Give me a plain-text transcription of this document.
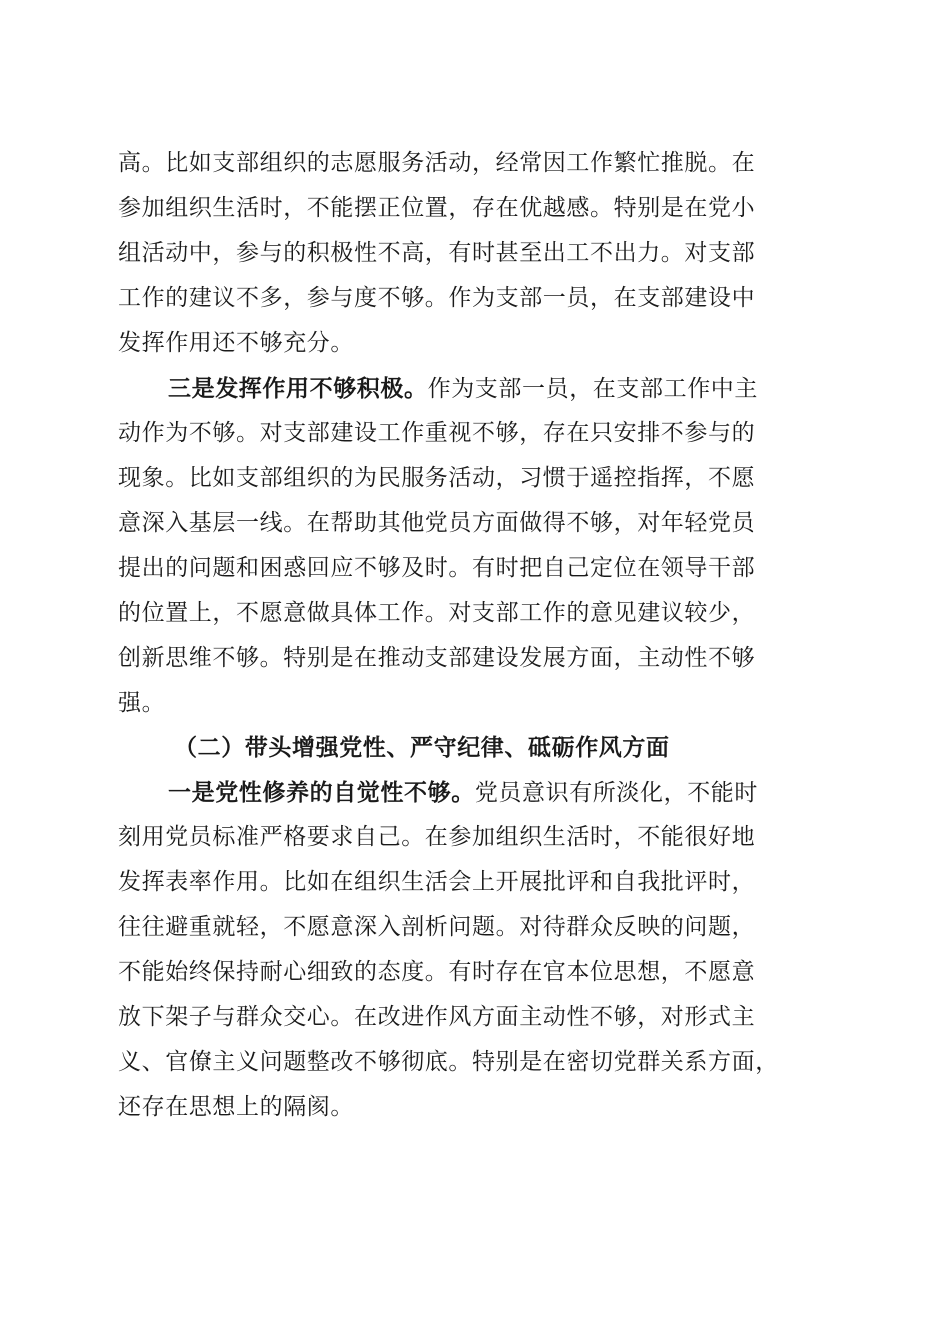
高。比如支部组织的志愿服务活动，经常因工作繁忙推脱。在
参加组织生活时，不能摆正位置，存在优越感。特别是在党小
组活动中，参与的积极性不高，有时甚至出工不出力。对支部
工作的建议不多，参与度不够。作为支部一员，在支部建设中
发挥作用还不够充分。
三是发挥作用不够积极。作为支部一员，在支部工作中主
动作为不够。对支部建设工作重视不够，存在只安排不参与的
现象。比如支部组织的为民服务活动，习惯于遥控指挥，不愿
意深入基层一线。在帮助其他党员方面做得不够，对年轻党员
提出的问题和困惑回应不够及时。有时把自己定位在领导干部
的位置上，不愿意做具体工作。对支部工作的意见建议较少，
创新思维不够。特别是在推动支部建设发展方面，主动性不够
强。
（二）带头增强党性、严守纪律、砥砺作风方面
一是党性修养的自觉性不够。党员意识有所淡化，不能时
刻用党员标准严格要求自己。在参加组织生活时，不能很好地
发挥表率作用。比如在组织生活会上开展批评和自我批评时，
往往避重就轻，不愿意深入剖析问题。对待群众反映的问题，
不能始终保持耐心细致的态度。有时存在官本位思想，不愿意
放下架子与群众交心。在改进作风方面主动性不够，对形式主
义、官僚主义问题整改不够彻底。特别是在密切党群关系方面，
还存在思想上的隔阂。
